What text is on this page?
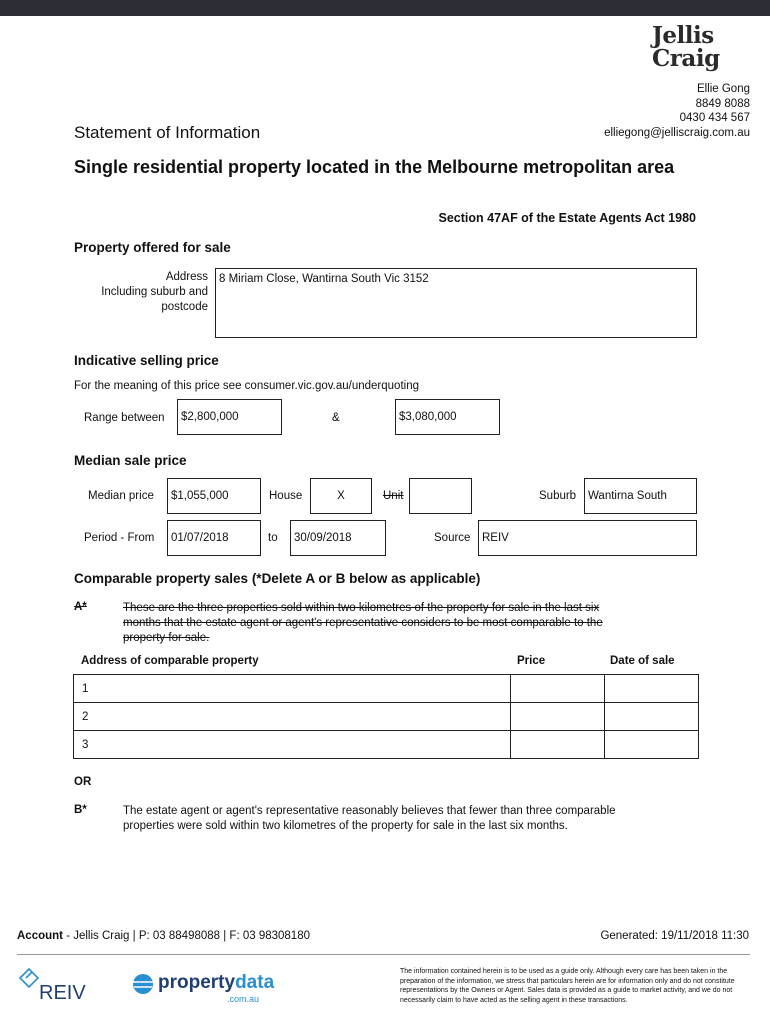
Jellis
Craig
Ellie Gong
8849 8088
0430 434 567
elliegong@jelliscraig.com.au
Statement of Information
Single residential property located in the Melbourne metropolitan area
Section 47AF of the Estate Agents Act 1980
Property offered for sale
Address
Including suburb and
postcode
8 Miriam Close, Wantirna South Vic 3152
Indicative selling price
For the meaning of this price see consumer.vic.gov.au/underquoting
Range between	$2,800,000	&	$3,080,000
Median sale price
Median price	$1,055,000	House	X	Unit	Suburb	Wantirna South
Period - From	01/07/2018	to	30/09/2018	Source	REIV
Comparable property sales (*Delete A or B below as applicable)
A*	These are the three properties sold within two kilometres of the property for sale in the last six
months that the estate agent or agent's representative considers to be most comparable to the
property for sale.
Address of comparable property	Price	Date of sale
1		
2		
3		
OR
B*	The estate agent or agent's representative reasonably believes that fewer than three comparable
properties were sold within two kilometres of the property for sale in the last six months.
Account - Jellis Craig | P: 03 88498088 | F: 03 98308180	Generated: 19/11/2018 11:30
REIV	propertydata
.com.au
The information contained herein is to be used as a guide only. Although every care has been taken in the preparation of the information, we stress that particulars herein are for information only and do not constitute representations by the Owners or Agent. Sales data is provided as a guide to market activity, and we do not necessarily claim to have acted as the selling agent in these transactions.
